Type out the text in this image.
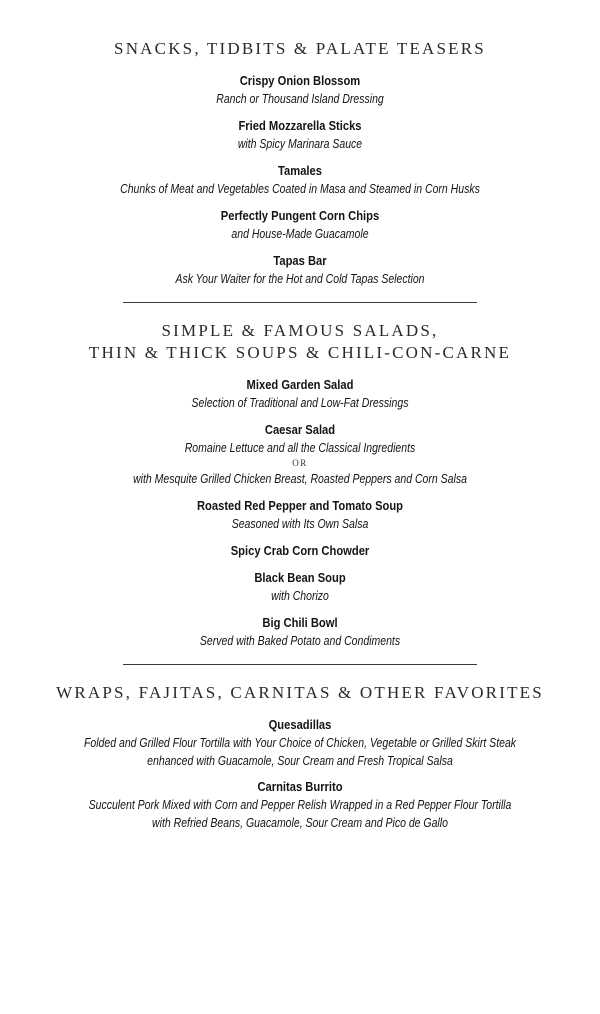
SNACKS, TIDBITS & PALATE TEASERS
Crispy Onion Blossom
Ranch or Thousand Island Dressing
Fried Mozzarella Sticks
with Spicy Marinara Sauce
Tamales
Chunks of Meat and Vegetables Coated in Masa and Steamed in Corn Husks
Perfectly Pungent Corn Chips
and House-Made Guacamole
Tapas Bar
Ask Your Waiter for the Hot and Cold Tapas Selection
SIMPLE & FAMOUS SALADS,
THIN & THICK SOUPS & CHILI-CON-CARNE
Mixed Garden Salad
Selection of Traditional and Low-Fat Dressings
Caesar Salad
Romaine Lettuce and all the Classical Ingredients
OR
with Mesquite Grilled Chicken Breast, Roasted Peppers and Corn Salsa
Roasted Red Pepper and Tomato Soup
Seasoned with Its Own Salsa
Spicy Crab Corn Chowder
Black Bean Soup
with Chorizo
Big Chili Bowl
Served with Baked Potato and Condiments
WRAPS, FAJITAS, CARNITAS & OTHER FAVORITES
Quesadillas
Folded and Grilled Flour Tortilla with Your Choice of Chicken, Vegetable or Grilled Skirt Steak
enhanced with Guacamole, Sour Cream and Fresh Tropical Salsa
Carnitas Burrito
Succulent Pork Mixed with Corn and Pepper Relish Wrapped in a Red Pepper Flour Tortilla
with Refried Beans, Guacamole, Sour Cream and Pico de Gallo
